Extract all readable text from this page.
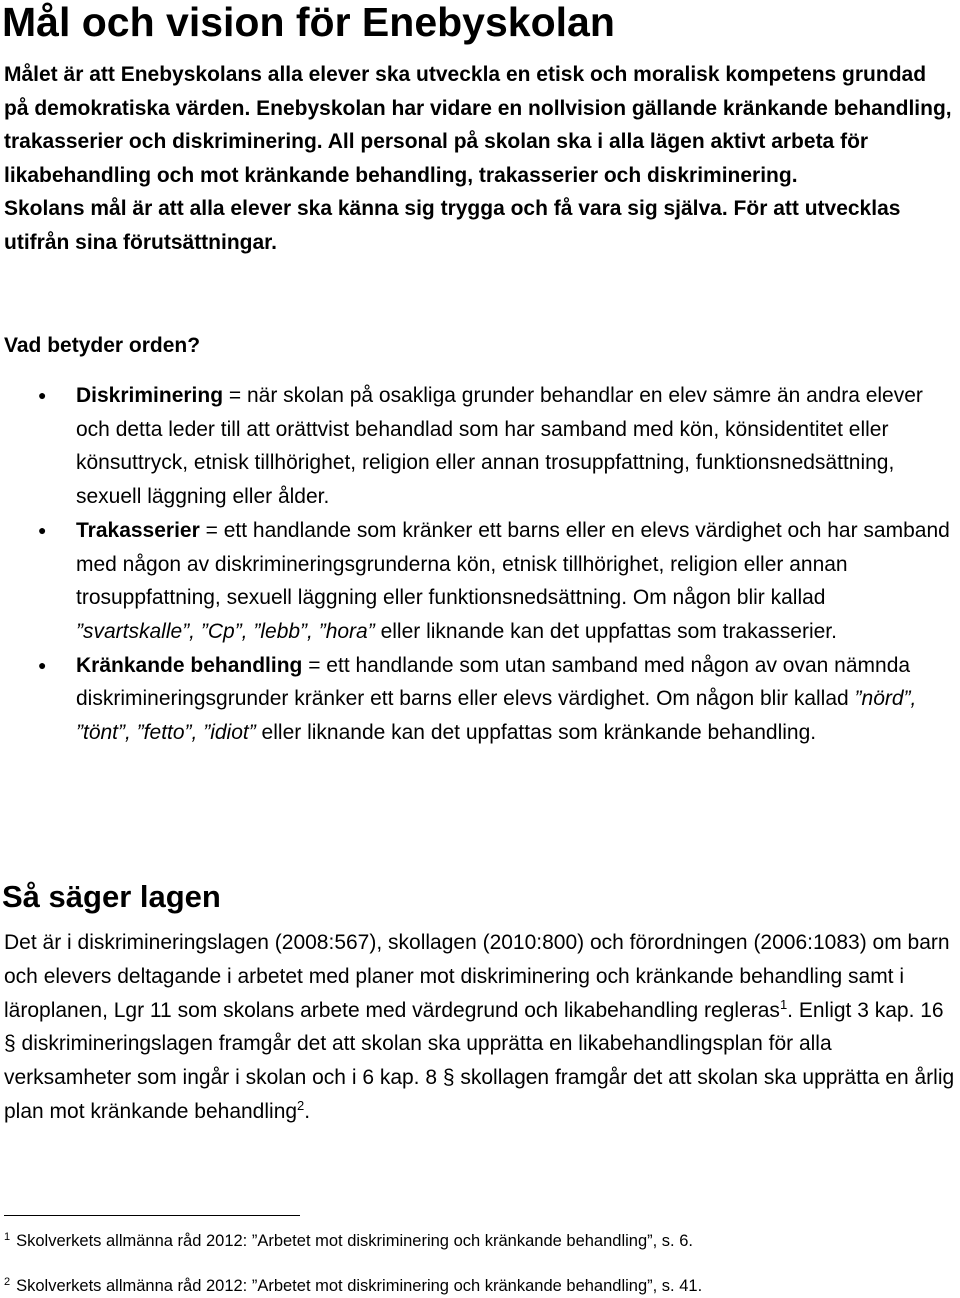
Mål och vision för Enebyskolan

Målet är att Enebyskolans alla elever ska utveckla en etisk och moralisk kompetens grundad på demokratiska värden. Enebyskolan har vidare en nollvision gällande kränkande behandling, trakasserier och diskriminering. All personal på skolan ska i alla lägen aktivt arbeta för likabehandling och mot kränkande behandling, trakasserier och diskriminering.

Skolans mål är att alla elever ska känna sig trygga och få vara sig själva. För att utvecklas utifrån sina förutsättningar.

Vad betyder orden?
● Diskriminering = när skolan på osakliga grunder behandlar en elev sämre än andra elever och detta leder till att orättvist behandlad som har samband med kön, könsidentitet eller könsuttryck, etnisk tillhörighet, religion eller annan trosuppfattning, funktionsnedsättning, sexuell läggning eller ålder.
● Trakasserier = ett handlande som kränker ett barns eller en elevs värdighet och har samband med någon av diskrimineringsgrunderna kön, etnisk tillhörighet, religion eller annan trosuppfattning, sexuell läggning eller funktionsnedsättning. Om någon blir kallad ”svartskalle”, ”Cp”, ”lebb”, ”hora” eller liknande kan det uppfattas som trakasserier.
● Kränkande behandling = ett handlande som utan samband med någon av ovan nämnda diskrimineringsgrunder kränker ett barns eller elevs värdighet. Om någon blir kallad ”nörd”, ”tönt”, ”fetto”, ”idiot” eller liknande kan det uppfattas som kränkande behandling.
Så säger lagen

Det är i diskrimineringslagen (2008:567), skollagen (2010:800) och förordningen (2006:1083) om barn och elevers deltagande i arbetet med planer mot diskriminering och kränkande behandling samt i läroplanen, Lgr 11 som skolans arbete med värdegrund och likabehandling regleras$^1$. Enligt 3 kap. 16 § diskrimineringslagen framgår det att skolan ska upprätta en likabehandlingsplan för alla verksamheter som ingår i skolan och i 6 kap. 8 § skollagen framgår det att skolan ska upprätta en årlig plan mot kränkande behandling$^2$.

$^1$ Skolverkets allmänna råd 2012: ”Arbetet mot diskriminering och kränkande behandling”, s. 6.
$^2$ Skolverkets allmänna råd 2012: ”Arbetet mot diskriminering och kränkande behandling”, s. 41.
